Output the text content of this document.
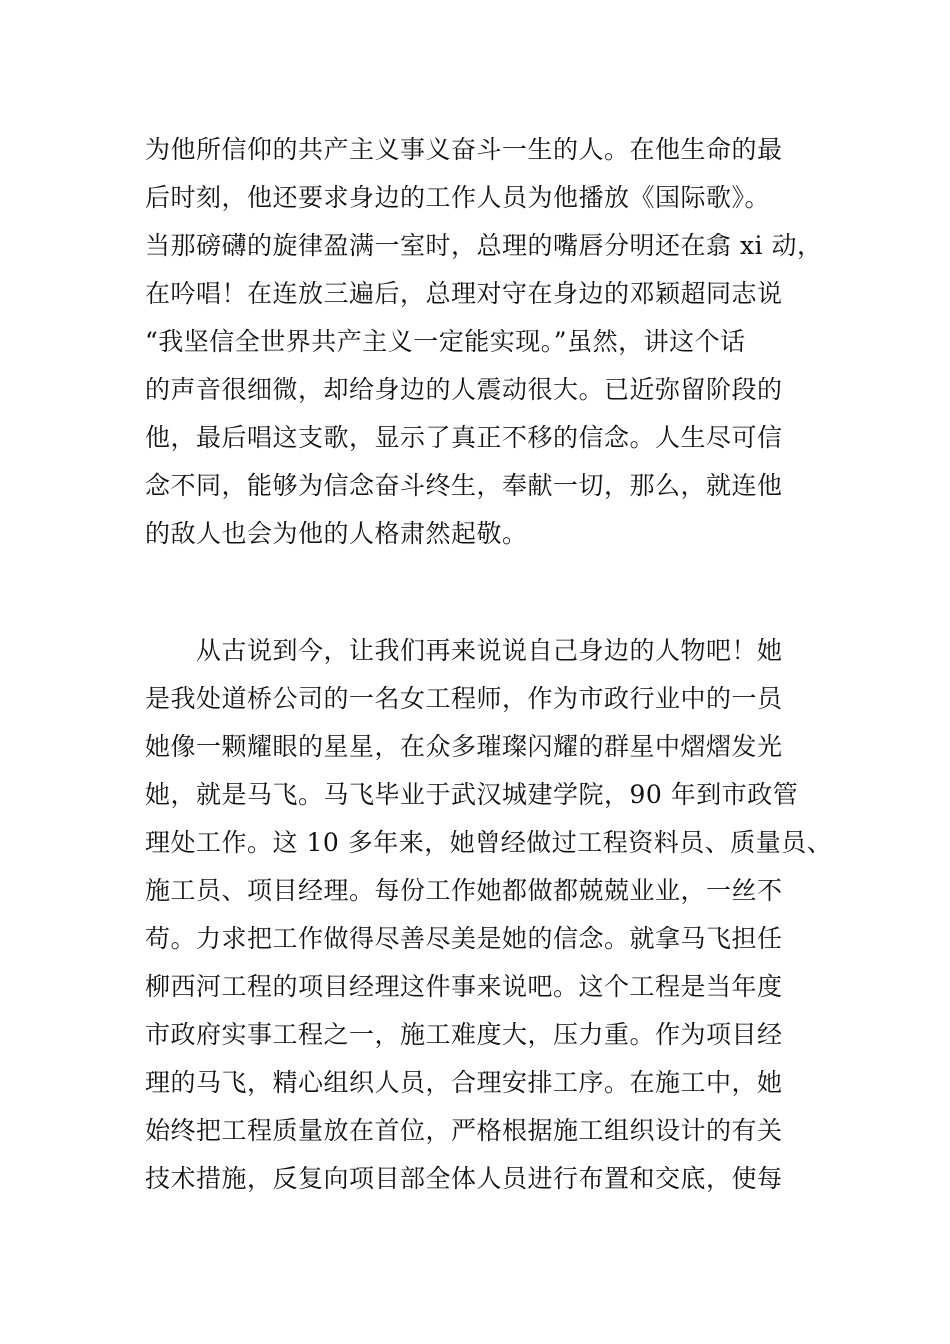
为他所信仰的共产主义事义奋斗一生的人。在他生命的最
后时刻，他还要求身边的工作人员为他播放《国际歌》。
当那磅礴的旋律盈满一室时，总理的嘴唇分明还在翕 xi 动，
在吟唱！在连放三遍后，总理对守在身边的邓颖超同志说
“我坚信全世界共产主义一定能实现。”虽然，讲这个话
的声音很细微，却给身边的人震动很大。已近弥留阶段的
他，最后唱这支歌，显示了真正不移的信念。人生尽可信
念不同，能够为信念奋斗终生，奉献一切，那么，就连他
的敌人也会为他的人格肃然起敬。
　　从古说到今，让我们再来说说自己身边的人物吧！她
是我处道桥公司的一名女工程师，作为市政行业中的一员
她像一颗耀眼的星星，在众多璀璨闪耀的群星中熠熠发光
她，就是马飞。马飞毕业于武汉城建学院，90 年到市政管
理处工作。这 10 多年来，她曾经做过工程资料员、质量员、
施工员、项目经理。每份工作她都做都兢兢业业，一丝不
苟。力求把工作做得尽善尽美是她的信念。就拿马飞担任
柳西河工程的项目经理这件事来说吧。这个工程是当年度
市政府实事工程之一，施工难度大，压力重。作为项目经
理的马飞，精心组织人员，合理安排工序。在施工中，她
始终把工程质量放在首位，严格根据施工组织设计的有关
技术措施，反复向项目部全体人员进行布置和交底，使每
